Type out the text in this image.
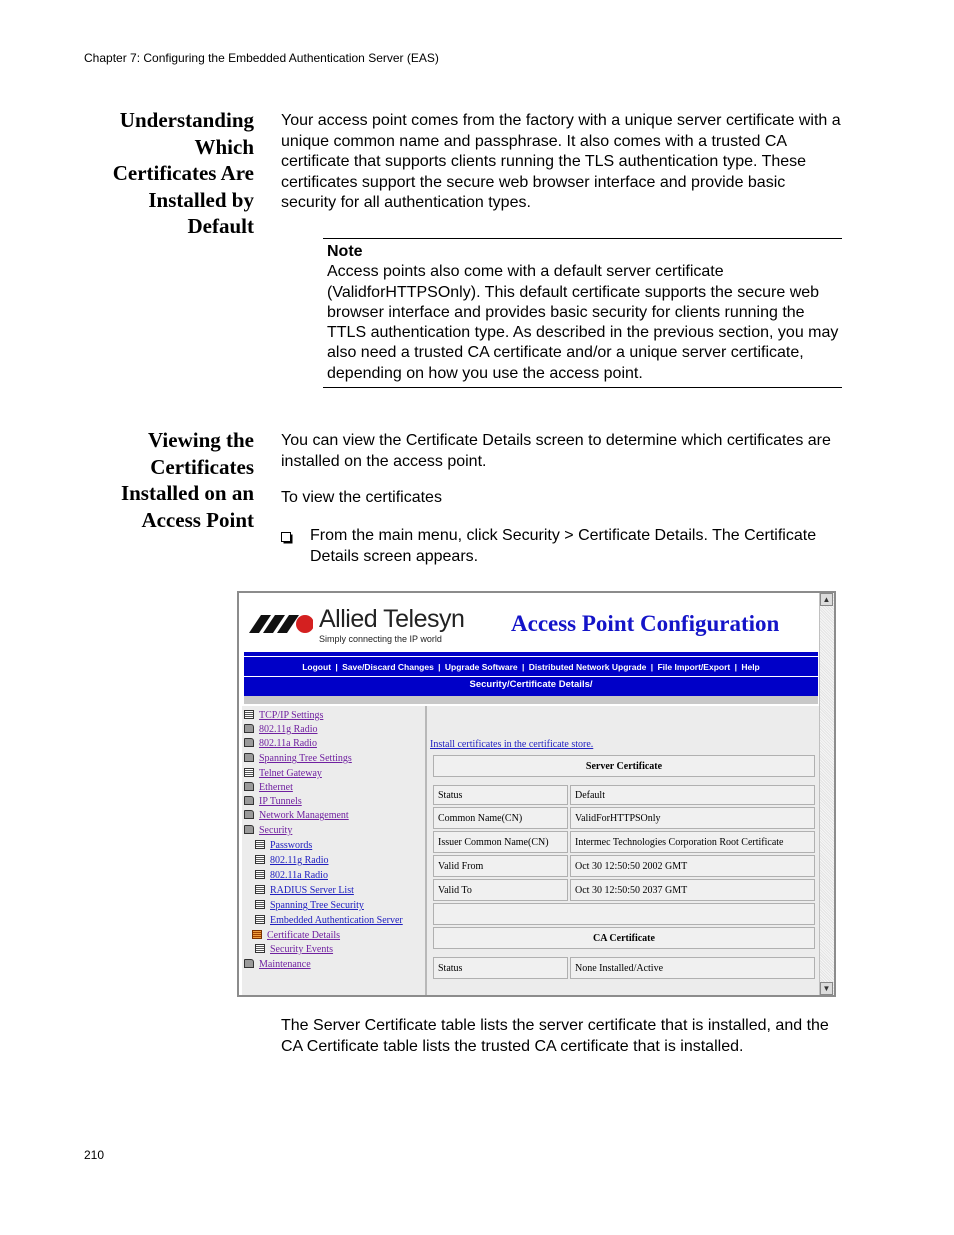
Chapter 7: Configuring the Embedded Authentication Server (EAS)
Understanding
Which
Certificates Are
Installed by
Default
Your access point comes from the factory with a unique server certificate with a unique common name and passphrase. It also comes with a trusted CA certificate that supports clients running the TLS authentication type. These certificates support the secure web browser interface and provide basic security for all authentication types.
Note
Access points also come with a default server certificate (ValidforHTTPSOnly). This default certificate supports the secure web browser interface and provides basic security for clients running the TTLS authentication type. As described in the previous section, you may also need a trusted CA certificate and/or a unique server certificate, depending on how you use the access point.
Viewing the
Certificates
Installed on an
Access Point
You can view the Certificate Details screen to determine which certificates are installed on the access point.
To view the certificates
From the main menu, click Security > Certificate Details. The Certificate Details screen appears.
Allied Telesyn
Simply connecting the IP world
Access Point Configuration
Logout | Save/Discard Changes | Upgrade Software | Distributed Network Upgrade | File Import/Export | Help
Security/Certificate Details/
TCP/IP Settings
802.11g Radio
802.11a Radio
Spanning Tree Settings
Telnet Gateway
Ethernet
IP Tunnels
Network Management
Security
Passwords
802.11g Radio
802.11a Radio
RADIUS Server List
Spanning Tree Security
Embedded Authentication Server
Certificate Details
Security Events
Maintenance
Install certificates in the certificate store.
Server Certificate	

Status	Default
Common Name(CN)	ValidForHTTPSOnly
Issuer Common Name(CN)	Intermec Technologies Corporation Root Certificate
Valid From	Oct 30 12:50:50 2002 GMT
Valid To	Oct 30 12:50:50 2037 GMT

CA Certificate

Status	None Installed/Active
▲
▼
The Server Certificate table lists the server certificate that is installed, and the CA Certificate table lists the trusted CA certificate that is installed.
210
